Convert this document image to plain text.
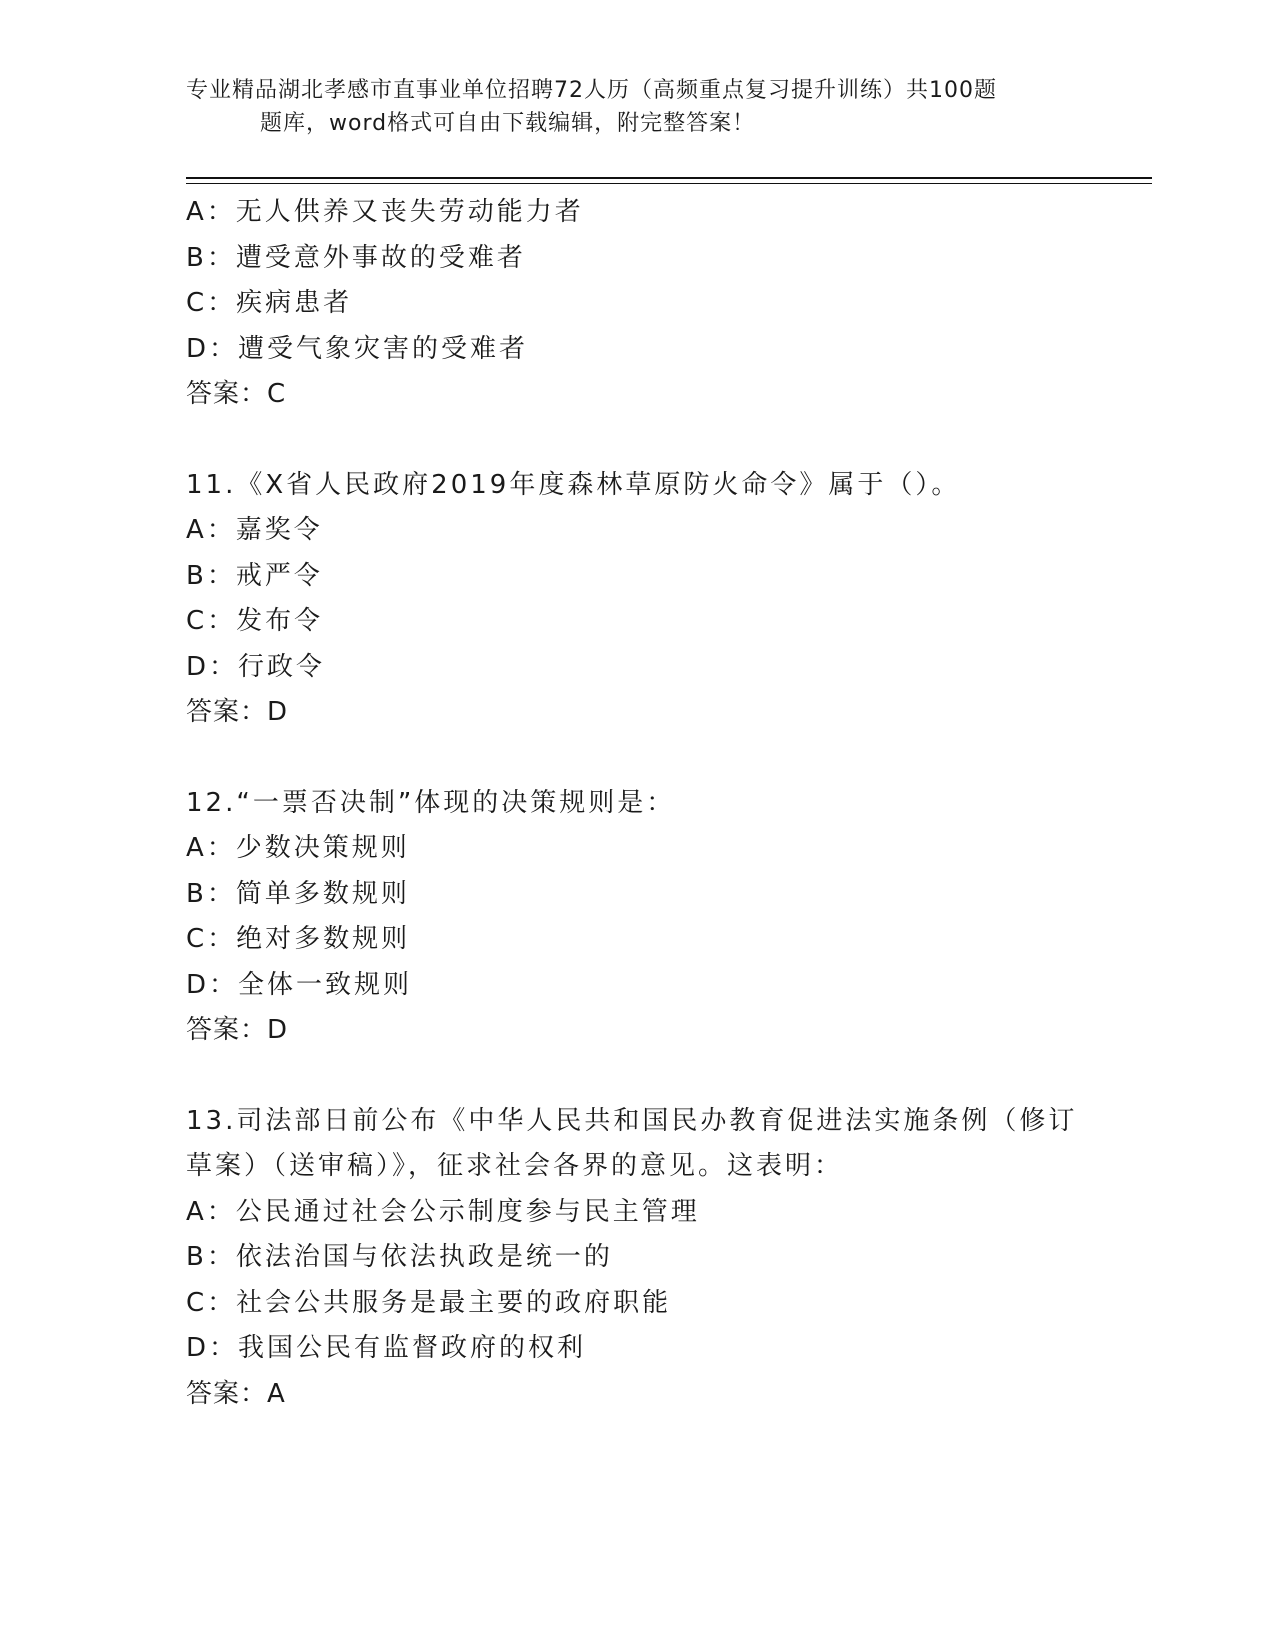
专业精品湖北孝感市直事业单位招聘72人历（高频重点复习提升训练）共100题
题库，word格式可自由下载编辑，附完整答案！
A：无人供养又丧失劳动能力者
B：遭受意外事故的受难者
C：疾病患者
D：遭受气象灾害的受难者
答案：C
11.《X省人民政府2019年度森林草原防火命令》属于（）。
A：嘉奖令
B：戒严令
C：发布令
D：行政令
答案：D
12.“一票否决制”体现的决策规则是：
A：少数决策规则
B：简单多数规则
C：绝对多数规则
D：全体一致规则
答案：D
13.司法部日前公布《中华人民共和国民办教育促进法实施条例（修订
草案）（送审稿）》，征求社会各界的意见。这表明：
A：公民通过社会公示制度参与民主管理
B：依法治国与依法执政是统一的
C：社会公共服务是最主要的政府职能
D：我国公民有监督政府的权利
答案：A
